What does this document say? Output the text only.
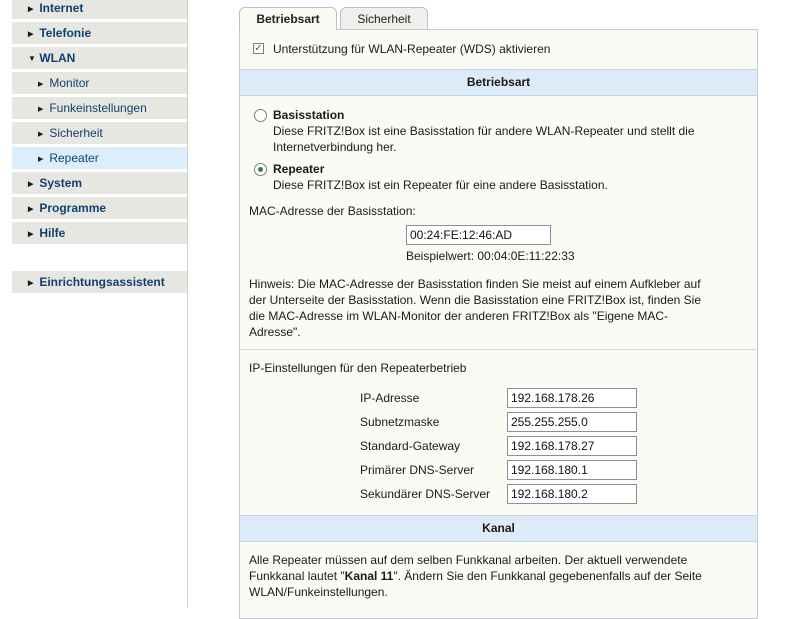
▶ Internet
▶ Telefonie
▼ WLAN
▶ Monitor
▶ Funkeinstellungen
▶ Sicherheit
▶ Repeater
▶ System
▶ Programme
▶ Hilfe
▶ Einrichtungsassistent
Betriebsart	Sicherheit
✓ Unterstützung für WLAN-Repeater (WDS) aktivieren
Betriebsart
Basisstation
Diese FRITZ!Box ist eine Basisstation für andere WLAN-Repeater und stellt die
Internetverbindung her.
Repeater
Diese FRITZ!Box ist ein Repeater für eine andere Basisstation.
MAC-Adresse der Basisstation:
00:24:FE:12:46:AD
Beispielwert: 00:04:0E:11:22:33
Hinweis: Die MAC-Adresse der Basisstation finden Sie meist auf einem Aufkleber auf
der Unterseite der Basisstation. Wenn die Basisstation eine FRITZ!Box ist, finden Sie
die MAC-Adresse im WLAN-Monitor der anderen FRITZ!Box als "Eigene MAC-
Adresse".
IP-Einstellungen für den Repeaterbetrieb
IP-Adresse	192.168.178.26
Subnetzmaske	255.255.255.0
Standard-Gateway	192.168.178.27
Primärer DNS-Server	192.168.180.1
Sekundärer DNS-Server	192.168.180.2
Kanal
Alle Repeater müssen auf dem selben Funkkanal arbeiten. Der aktuell verwendete
Funkkanal lautet "Kanal 11". Ändern Sie den Funkkanal gegebenenfalls auf der Seite
WLAN/Funkeinstellungen.
